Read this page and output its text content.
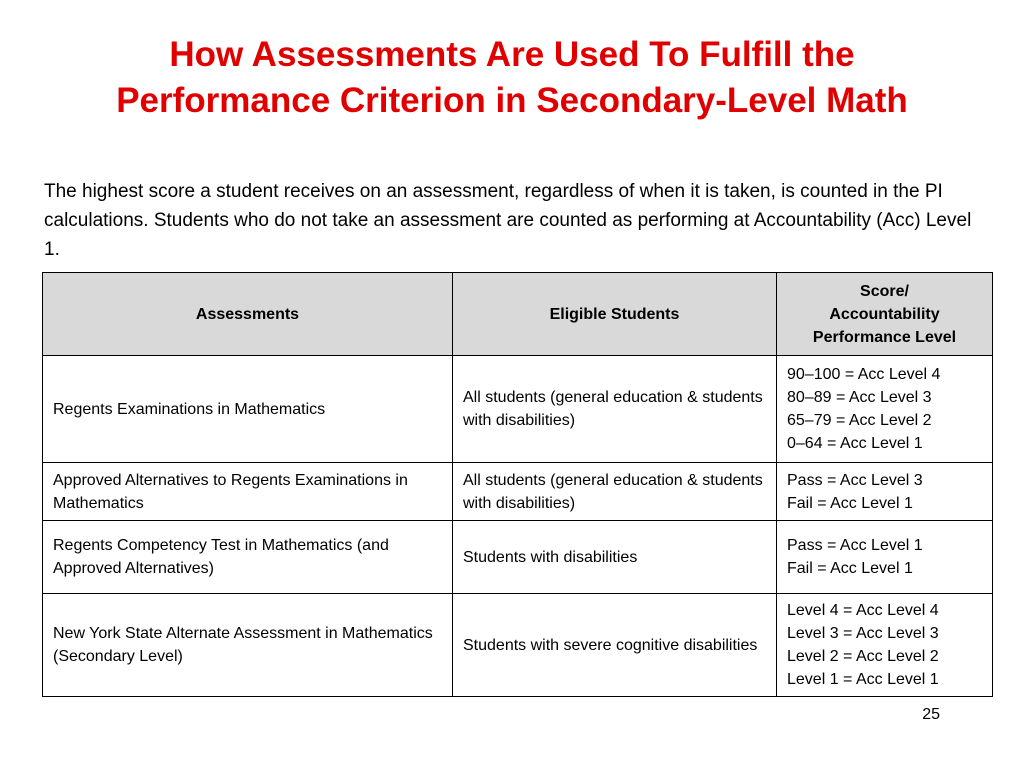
How Assessments Are Used To Fulfill the
Performance Criterion in Secondary-Level Math

The highest score a student receives on an assessment, regardless of when it is taken, is counted in the PI calculations. Students who do not take an assessment are counted as performing at Accountability (Acc) Level 1.

Assessments	Eligible Students	Score/
Accountability
Performance Level

Regents Examinations in Mathematics	All students (general education & students with disabilities)	90–100 = Acc Level 4
80–89 = Acc Level 3
65–79 = Acc Level 2
0–64 = Acc Level 1

Approved Alternatives to Regents Examinations in Mathematics	All students (general education & students with disabilities)	Pass = Acc Level 3
Fail = Acc Level 1

Regents Competency Test in Mathematics (and Approved Alternatives)	Students with disabilities	Pass = Acc Level 1
Fail = Acc Level 1

New York State Alternate Assessment in Mathematics (Secondary Level)	Students with severe cognitive disabilities	Level 4 = Acc Level 4
Level 3 = Acc Level 3
Level 2 = Acc Level 2
Level 1 = Acc Level 1
25
